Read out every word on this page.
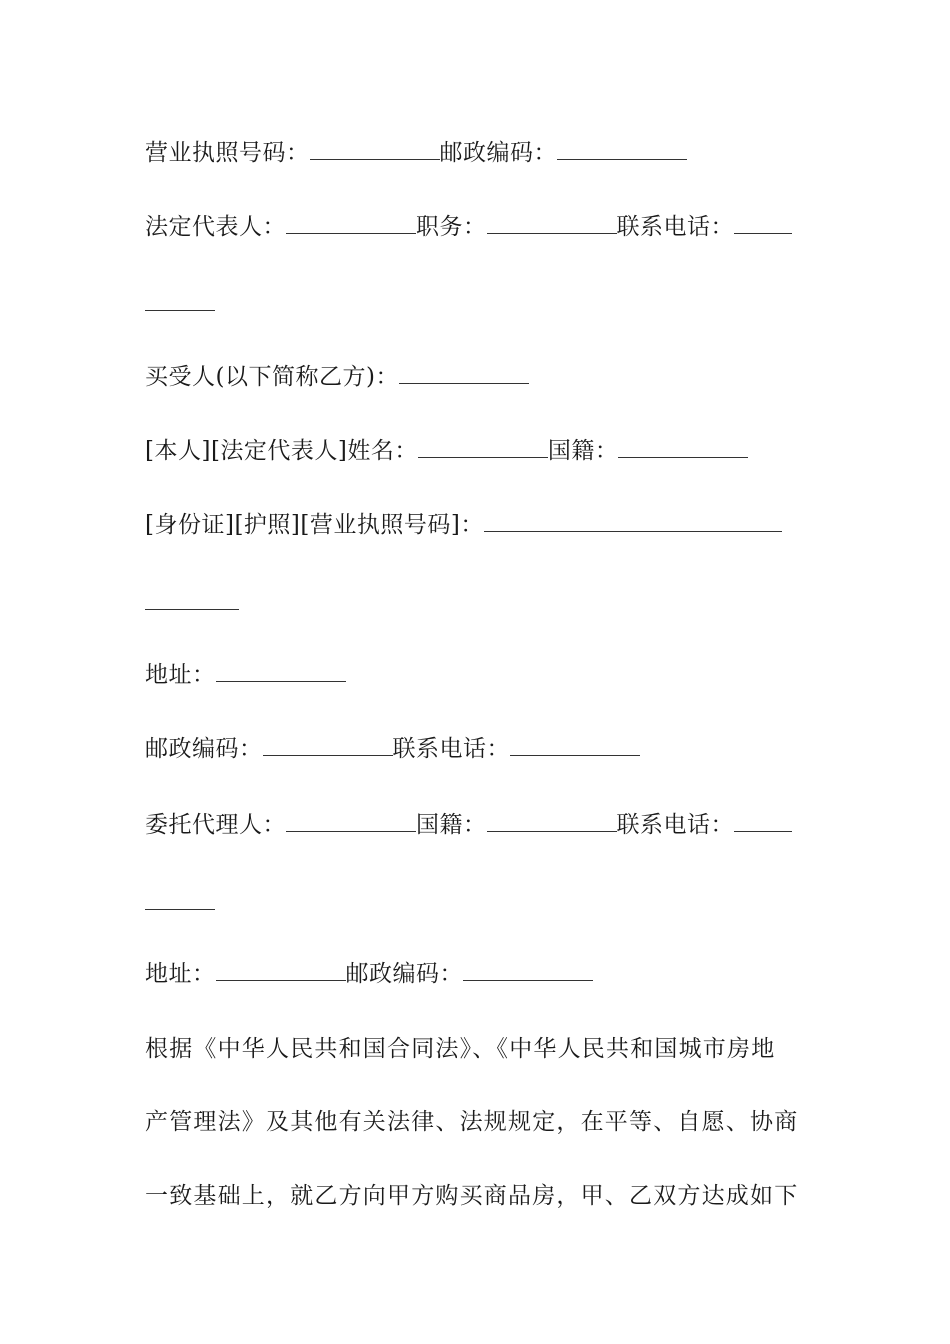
营业执照号码：	邮政编码：
法定代表人：	职务：	联系电话：
买受人(以下简称乙方)：
[本人][法定代表人]姓名：	国籍：
[身份证][护照][营业执照号码]：
地址：
邮政编码：	联系电话：
委托代理人：	国籍：	联系电话：
地址：	邮政编码：
根据《中华人民共和国合同法》、《中华人民共和国城市房地
产管理法》及其他有关法律、法规规定，在平等、自愿、协商
一致基础上，就乙方向甲方购买商品房，甲、乙双方达成如下
